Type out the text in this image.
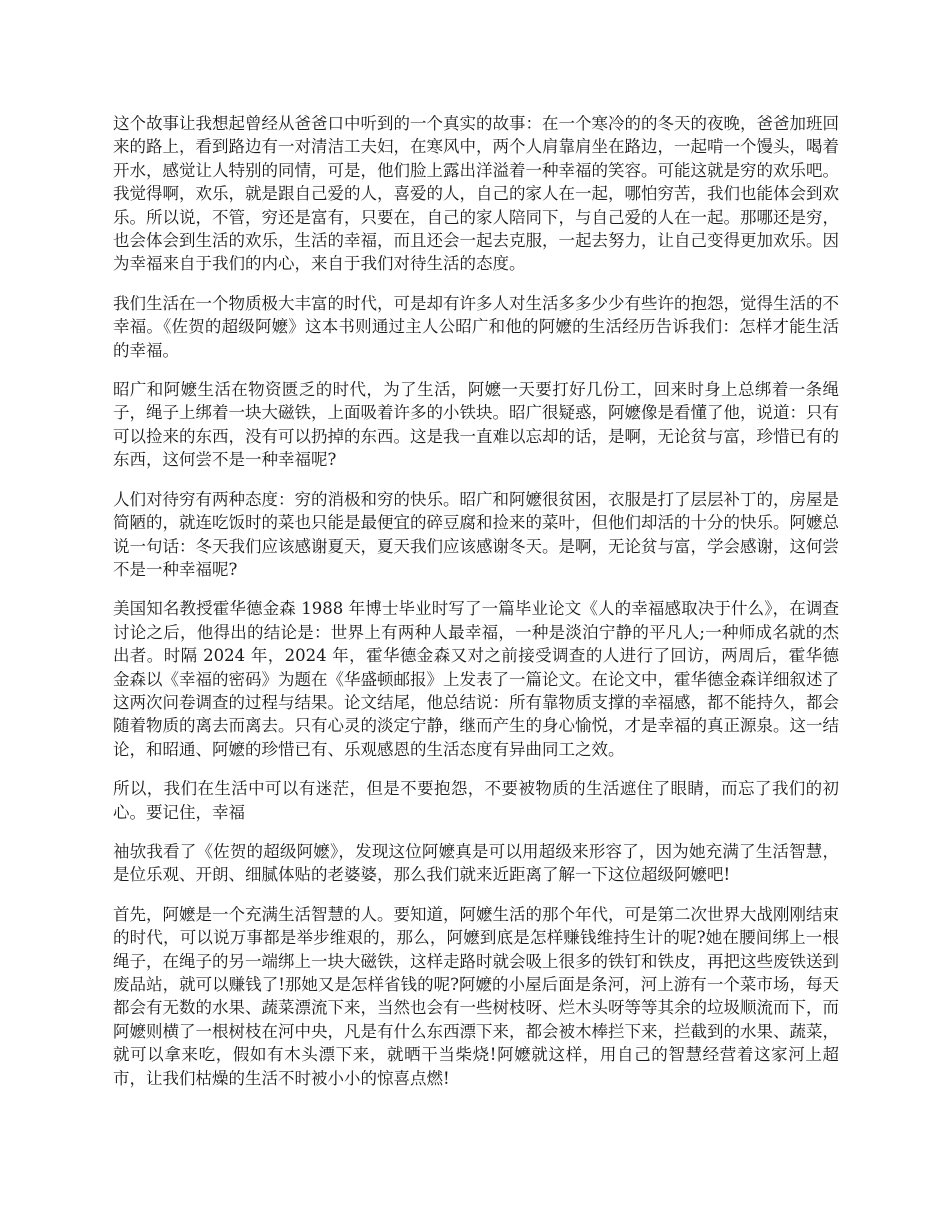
这个故事让我想起曾经从爸爸口中听到的一个真实的故事：在一个寒冷的的冬天的夜晚，爸爸加班回来的路上，看到路边有一对清洁工夫妇，在寒风中，两个人肩靠肩坐在路边，一起啃一个馒头，喝着开水，感觉让人特别的同情，可是，他们脸上露出洋溢着一种幸福的笑容。可能这就是穷的欢乐吧。我觉得啊，欢乐，就是跟自己爱的人，喜爱的人，自己的家人在一起，哪怕穷苦，我们也能体会到欢乐。所以说，不管，穷还是富有，只要在，自己的家人陪同下，与自己爱的人在一起。那哪还是穷，也会体会到生活的欢乐，生活的幸福，而且还会一起去克服，一起去努力，让自己变得更加欢乐。因为幸福来自于我们的内心，来自于我们对待生活的态度。

我们生活在一个物质极大丰富的时代，可是却有许多人对生活多多少少有些许的抱怨，觉得生活的不幸福。《佐贺的超级阿嬷》这本书则通过主人公昭广和他的阿嬷的生活经历告诉我们：怎样才能生活的幸福。

昭广和阿嬷生活在物资匮乏的时代，为了生活，阿嬷一天要打好几份工，回来时身上总绑着一条绳子，绳子上绑着一块大磁铁，上面吸着许多的小铁块。昭广很疑惑，阿嬷像是看懂了他，说道：只有可以捡来的东西，没有可以扔掉的东西。这是我一直难以忘却的话，是啊，无论贫与富，珍惜已有的东西，这何尝不是一种幸福呢?

人们对待穷有两种态度：穷的消极和穷的快乐。昭广和阿嬷很贫困，衣服是打了层层补丁的，房屋是简陋的，就连吃饭时的菜也只能是最便宜的碎豆腐和捡来的菜叶，但他们却活的十分的快乐。阿嬷总说一句话：冬天我们应该感谢夏天，夏天我们应该感谢冬天。是啊，无论贫与富，学会感谢，这何尝不是一种幸福呢?

美国知名教授霍华德金森 1988 年博士毕业时写了一篇毕业论文《人的幸福感取决于什么》，在调查讨论之后，他得出的结论是：世界上有两种人最幸福，一种是淡泊宁静的平凡人;一种师成名就的杰出者。时隔 2024 年，2024 年，霍华德金森又对之前接受调查的人进行了回访，两周后，霍华德金森以《幸福的密码》为题在《华盛顿邮报》上发表了一篇论文。在论文中，霍华德金森详细叙述了这两次问卷调查的过程与结果。论文结尾，他总结说：所有靠物质支撑的幸福感，都不能持久，都会随着物质的离去而离去。只有心灵的淡定宁静，继而产生的身心愉悦，才是幸福的真正源泉。这一结论，和昭通、阿嬷的珍惜已有、乐观感恩的生活态度有异曲同工之效。

所以，我们在生活中可以有迷茫，但是不要抱怨，不要被物质的生活遮住了眼睛，而忘了我们的初心。要记住，幸福

䄂欤我看了《佐贺的超级阿嬷》，发现这位阿嬷真是可以用超级来形容了，因为她充满了生活智慧，是位乐观、开朗、细腻体贴的老婆婆，那么我们就来近距离了解一下这位超级阿嬷吧!

首先，阿嬷是一个充满生活智慧的人。要知道，阿嬷生活的那个年代，可是第二次世界大战刚刚结束的时代，可以说万事都是举步维艰的，那么，阿嬷到底是怎样赚钱维持生计的呢?她在腰间绑上一根绳子，在绳子的另一端绑上一块大磁铁，这样走路时就会吸上很多的铁钉和铁皮，再把这些废铁送到废品站，就可以赚钱了!那她又是怎样省钱的呢?阿嬷的小屋后面是条河，河上游有一个菜市场，每天都会有无数的水果、蔬菜漂流下来，当然也会有一些树枝呀、烂木头呀等等其余的垃圾顺流而下，而阿嬷则横了一根树枝在河中央，凡是有什么东西漂下来，都会被木棒拦下来，拦截到的水果、蔬菜，就可以拿来吃，假如有木头漂下来，就晒干当柴烧!阿嬷就这样，用自己的智慧经营着这家河上超市，让我们枯燥的生活不时被小小的惊喜点燃!
